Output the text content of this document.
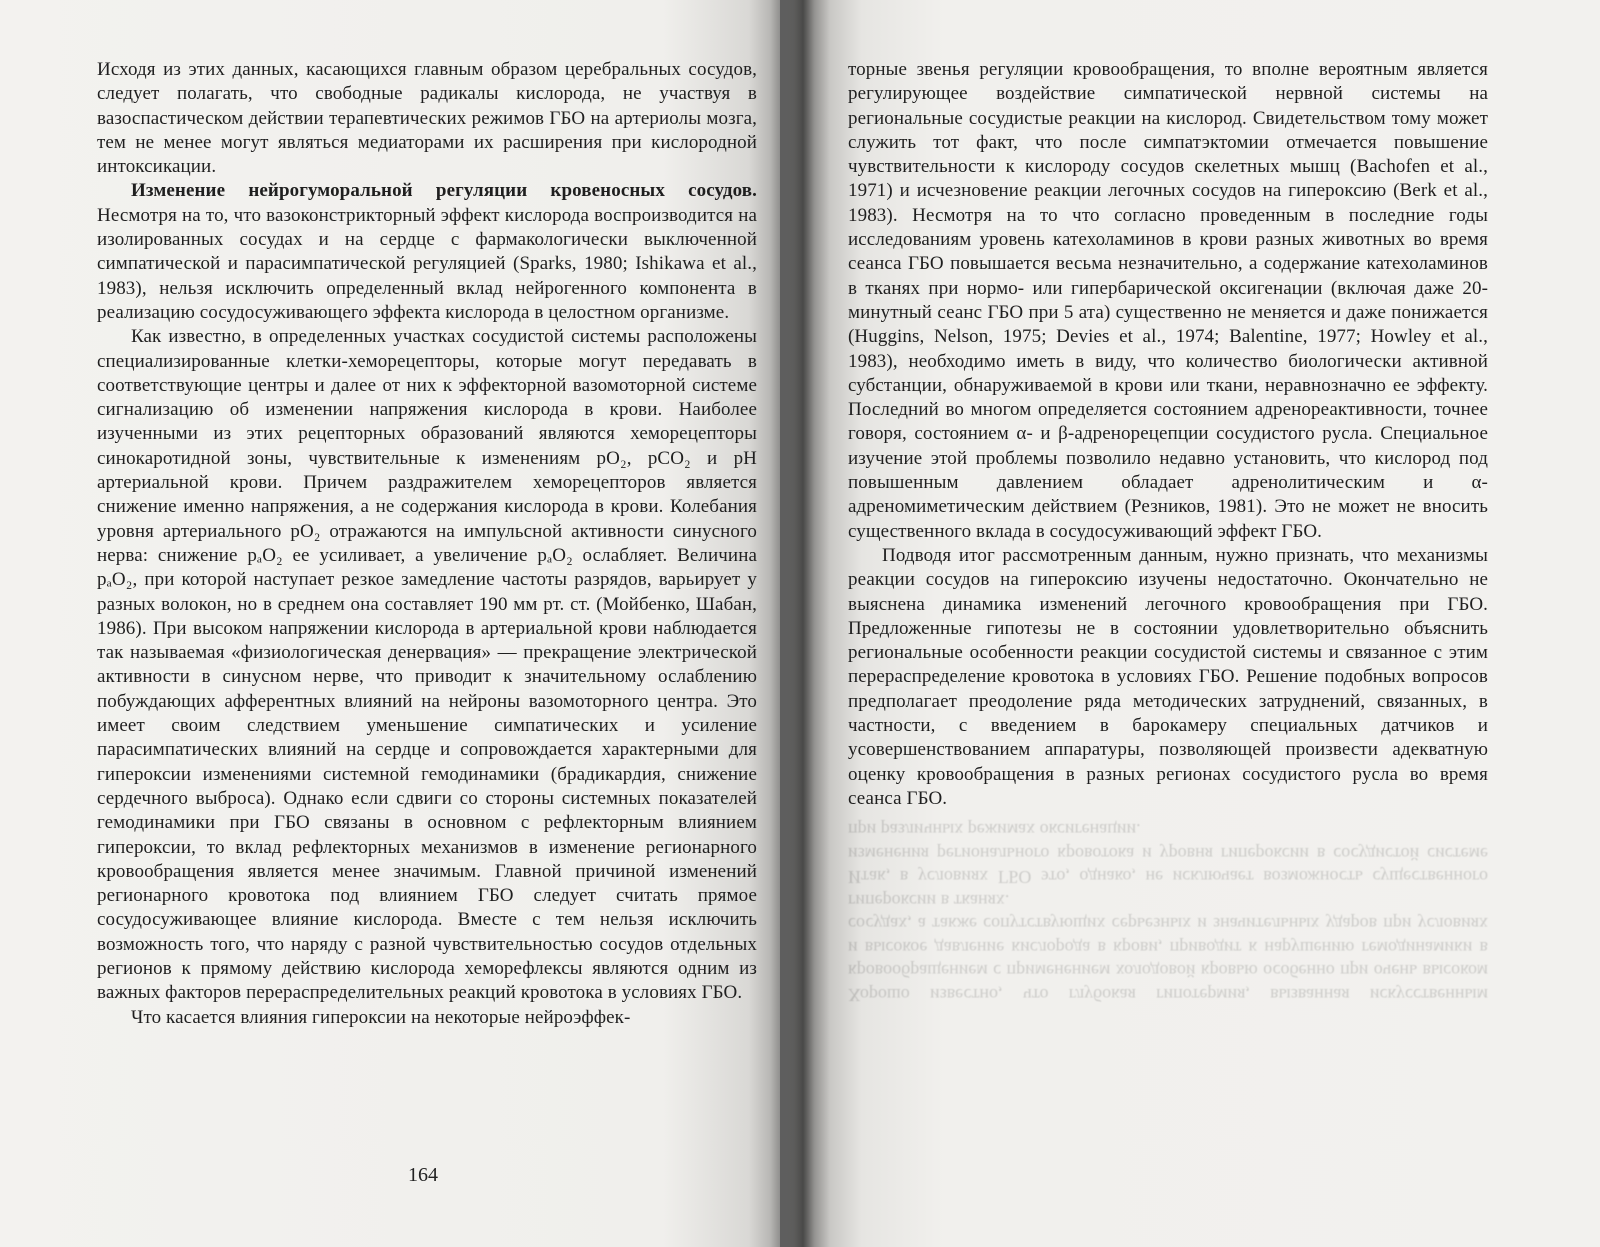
Исходя из этих данных, касающихся главным образом церебральных сосудов, следует полагать, что свободные радикалы кислорода, не участвуя в вазоспастическом действии терапевтических режимов ГБО на артериолы мозга, тем не менее могут являться медиаторами их расширения при кислородной интоксикации.

Изменение нейрогуморальной регуляции кровеносных сосудов. Несмотря на то, что вазоконстрикторный эффект кислорода воспроизводится на изолированных сосудах и на сердце с фармакологически выключенной симпатической и парасимпатической регуляцией (Sparks, 1980; Ishikawa et al., 1983), нельзя исключить определенный вклад нейрогенного компонента в реализацию сосудосуживающего эффекта кислорода в целостном организме.

Как известно, в определенных участках сосудистой системы расположены специализированные клетки-хеморецепторы, которые могут передавать в соответствующие центры и далее от них к эффекторной вазомоторной системе сигнализацию об изменении напряжения кислорода в крови. Наиболее изученными из этих рецепторных образований являются хеморецепторы синокаротидной зоны, чувствительные к изменениям pO₂, pCO₂ и pH артериальной крови. Причем раздражителем хеморецепторов является снижение именно напряжения, а не содержания кислорода в крови. Колебания уровня артериального pO₂ отражаются на импульсной активности синусного нерва: снижение pₐO₂ ее усиливает, а увеличение pₐO₂ ослабляет. Величина pₐO₂, при которой наступает резкое замедление частоты разрядов, варьирует у разных волокон, но в среднем она составляет 190 мм рт. ст. (Мойбенко, Шабан, 1986). При высоком напряжении кислорода в артериальной крови наблюдается так называемая «физиологическая денервация» — прекращение электрической активности в синусном нерве, что приводит к значительному ослаблению побуждающих афферентных влияний на нейроны вазомоторного центра. Это имеет своим следствием уменьшение симпатических и усиление парасимпатических влияний на сердце и сопровождается характерными для гипероксии изменениями системной гемодинамики (брадикардия, снижение сердечного выброса). Однако если сдвиги со стороны системных показателей гемодинамики при ГБО связаны в основном с рефлекторным влиянием гипероксии, то вклад рефлекторных механизмов в изменение регионарного кровообращения является менее значимым. Главной причиной изменений регионарного кровотока под влиянием ГБО следует считать прямое сосудосуживающее влияние кислорода. Вместе с тем нельзя исключить возможность того, что наряду с разной чувствительностью сосудов отдельных регионов к прямому действию кислорода хеморефлексы являются одним из важных факторов перераспределительных реакций кровотока в условиях ГБО.

Что касается влияния гипероксии на некоторые нейроэффек-

164

торные звенья регуляции кровообращения, то вполне вероятным является регулирующее воздействие симпатической нервной системы на региональные сосудистые реакции на кислород. Свидетельством тому может служить тот факт, что после симпатэктомии отмечается повышение чувствительности к кислороду сосудов скелетных мышц (Bachofen et al., 1971) и исчезновение реакции легочных сосудов на гипероксию (Berk et al., 1983). Несмотря на то что согласно проведенным в последние годы исследованиям уровень катехоламинов в крови разных животных во время сеанса ГБО повышается весьма незначительно, а содержание катехоламинов в тканях при нормо- или гипербарической оксигенации (включая даже 20-минутный сеанс ГБО при 5 ата) существенно не меняется и даже понижается (Huggins, Nelson, 1975; Devies et al., 1974; Balentine, 1977; Howley et al., 1983), необходимо иметь в виду, что количество биологически активной субстанции, обнаруживаемой в крови или ткани, неравнозначно ее эффекту. Последний во многом определяется состоянием адренореактивности, точнее говоря, состоянием α- и β-адренорецепции сосудистого русла. Специальное изучение этой проблемы позволило недавно установить, что кислород под повышенным давлением обладает адренолитическим и α-адреномиметическим действием (Резников, 1981). Это не может не вносить существенного вклада в сосудосуживающий эффект ГБО.

Подводя итог рассмотренным данным, нужно признать, что механизмы реакции сосудов на гипероксию изучены недостаточно. Окончательно не выяснена динамика изменений легочного кровообращения при ГБО. Предложенные гипотезы не в состоянии удовлетворительно объяснить региональные особенности реакции сосудистой системы и связанное с этим перераспределение кровотока в условиях ГБО. Решение подобных вопросов предполагает преодоление ряда методических затруднений, связанных, в частности, с введением в барокамеру специальных датчиков и усовершенствованием аппаратуры, позволяющей произвести адекватную оценку кровообращения в разных регионах сосудистого русла во время сеанса ГБО.

Хорошо известно, что глубокая гипотермия, вызванная искусственным кровообращением с применением холодовой кровью особенно при очень высоком и высокое давление кислорода в крови, приводит к нарушению гемодинамики в сосудах, а также сопутствующих серьезных и значительных ударов при условиях гипероксии в тканях.

Итак, в условиях ГБО это, однако, не исключает возможность существенного изменения регионального кровотока и уровня гипероксии в сосудистой системе при различных режимах оксигенации.
